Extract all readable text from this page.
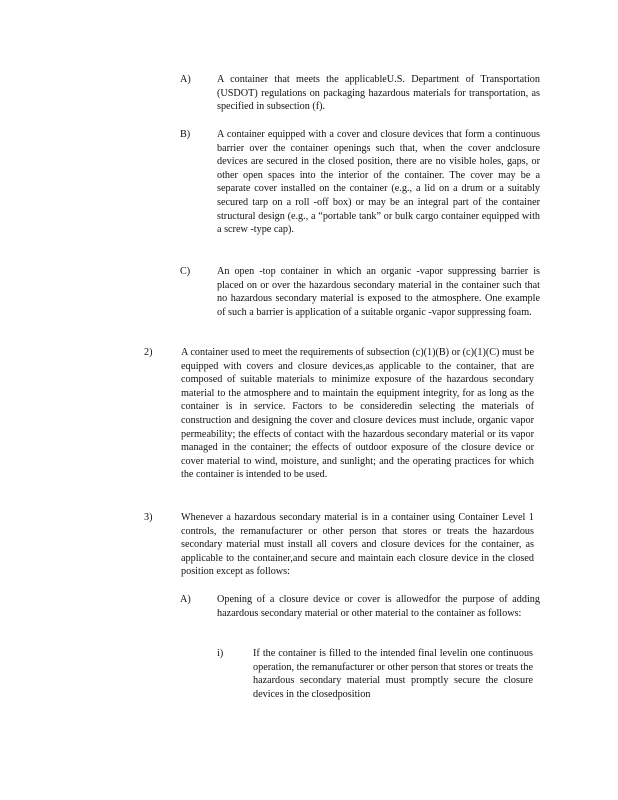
A)	A container that meets the applicableU.S. Department of Transportation (USDOT) regulations on packaging hazardous materials for transportation, as specified in subsection (f).
B)	A container equipped with a cover and closure devices that form a continuous barrier over the container openings such that, when the cover andclosure devices are secured in the closed position, there are no visible holes, gaps, or other open spaces into the interior of the container. The cover may be a separate cover installed on the container (e.g., a lid on a drum or a suitably secured tarp on a roll -off box) or may be an integral part of the container structural design (e.g., a “portable tank” or bulk cargo container equipped with a screw -type cap).
C)	An open -top container in which an organic -vapor suppressing barrier is placed on or over the hazardous secondary material in the container such that no hazardous secondary material is exposed to the atmosphere. One example of such a barrier is application of a suitable organic -vapor suppressing foam.
2)	A container used to meet the requirements of subsection (c)(1)(B) or (c)(1)(C) must be equipped with covers and closure devices,as applicable to the container, that are composed of suitable materials to minimize exposure of the hazardous secondary material to the atmosphere and to maintain the equipment integrity, for as long as the container is in service. Factors to be consideredin selecting the materials of construction and designing the cover and closure devices must include, organic vapor permeability; the effects of contact with the hazardous secondary material or its vapor managed in the container; the effects of outdoor exposure of the closure device or cover material to wind, moisture, and sunlight; and the operating practices for which the container is intended to be used.
3)	Whenever a hazardous secondary material is in a container using Container Level 1 controls, the remanufacturer or other person that stores or treats the hazardous secondary material must install all covers and closure devices for the container, as applicable to the container,and secure and maintain each closure device in the closed position except as follows:
A)	Opening of a closure device or cover is allowedfor the purpose of adding hazardous secondary material or other material to the container as follows:
i)	If the container is filled to the intended final levelin one continuous operation, the remanufacturer or other person that stores or treats the hazardous secondary material must promptly secure the closure devices in the closedposition
